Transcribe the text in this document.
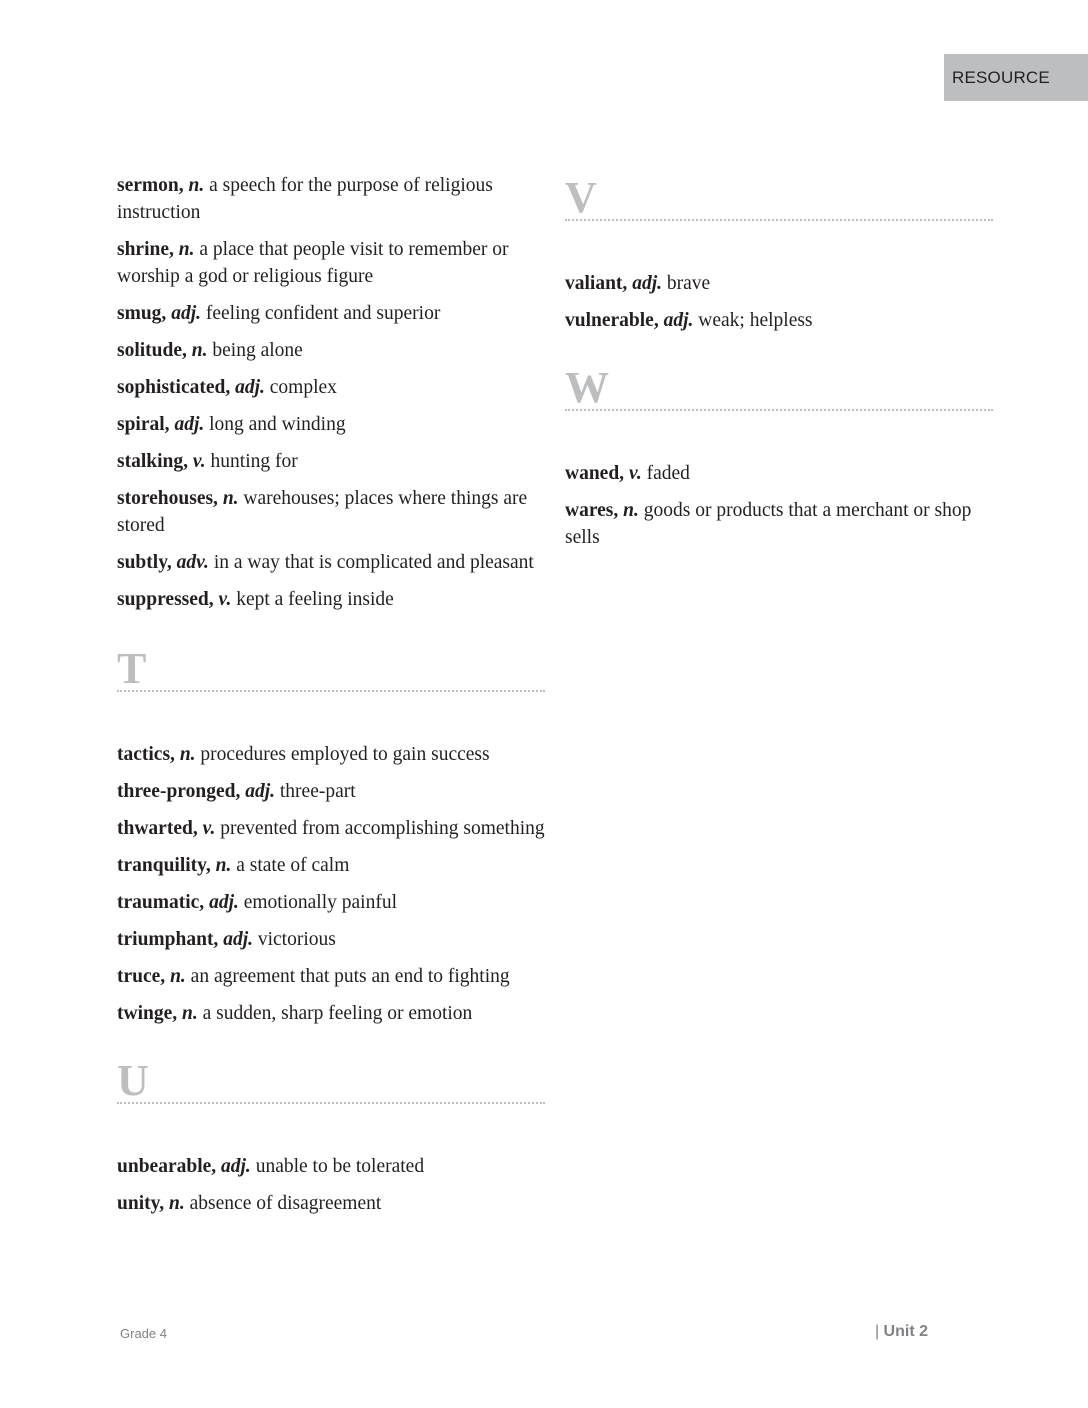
RESOURCE

sermon, n. a speech for the purpose of religious instruction

shrine, n. a place that people visit to remember or worship a god or religious figure

smug, adj. feeling confident and superior

solitude, n. being alone

sophisticated, adj. complex

spiral, adj. long and winding

stalking, v. hunting for

storehouses, n. warehouses; places where things are stored

subtly, adv. in a way that is complicated and pleasant

suppressed, v. kept a feeling inside

T

tactics, n. procedures employed to gain success

three-pronged, adj. three-part

thwarted, v. prevented from accomplishing something

tranquility, n. a state of calm

traumatic, adj. emotionally painful

triumphant, adj. victorious

truce, n. an agreement that puts an end to fighting

twinge, n. a sudden, sharp feeling or emotion

U

unbearable, adj. unable to be tolerated

unity, n. absence of disagreement

V

valiant, adj. brave

vulnerable, adj. weak; helpless

W

waned, v. faded

wares, n. goods or products that a merchant or shop sells

Grade 4	| Unit 2
